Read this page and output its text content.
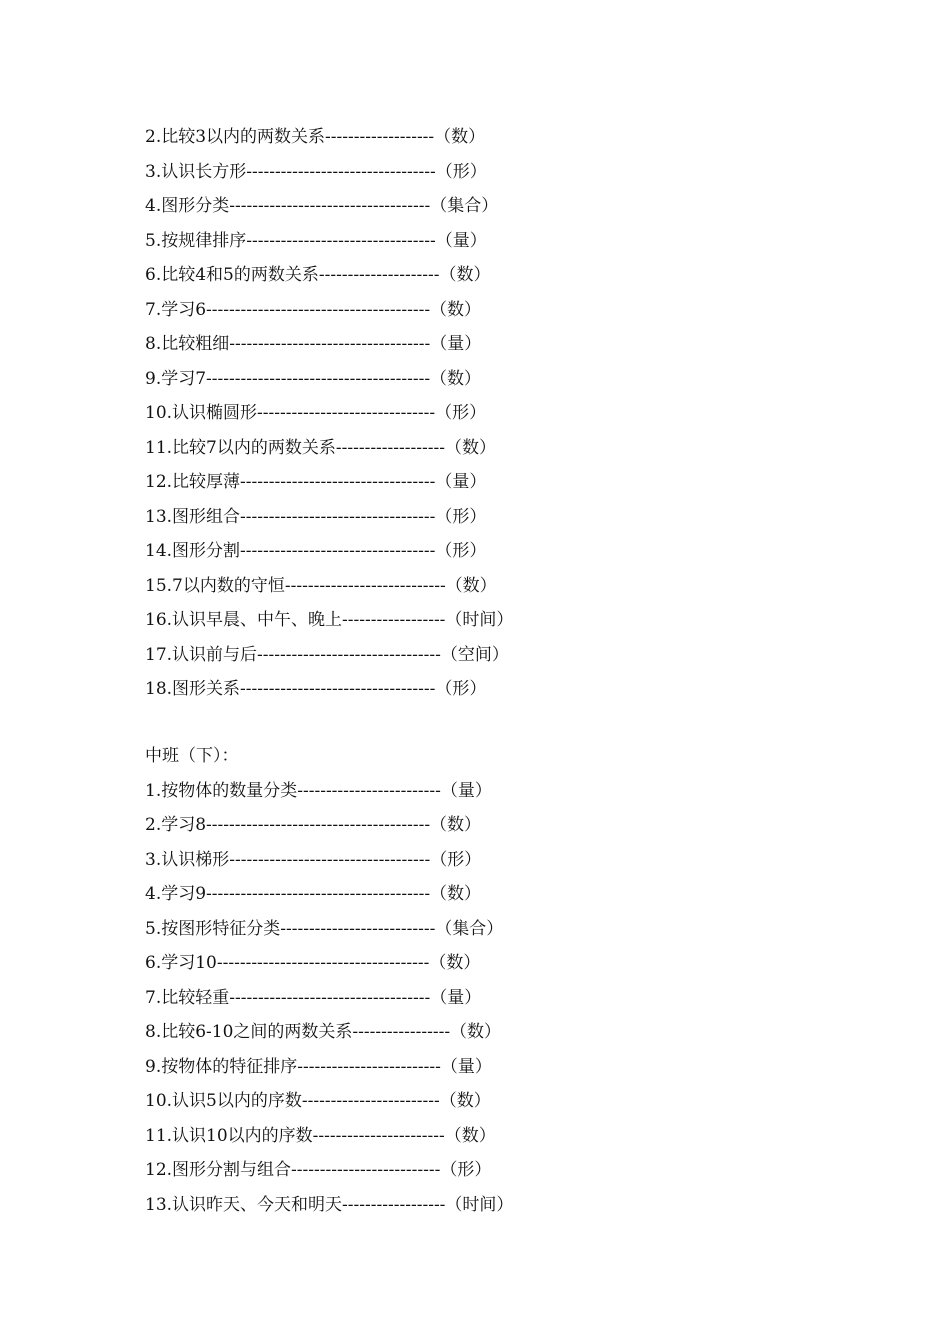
2.比较3以内的两数关系-------------------（数）
3.认识长方形---------------------------------（形）
4.图形分类-----------------------------------（集合）
5.按规律排序---------------------------------（量）
6.比较4和5的两数关系---------------------（数）
7.学习6---------------------------------------（数）
8.比较粗细-----------------------------------（量）
9.学习7---------------------------------------（数）
10.认识椭圆形-------------------------------（形）
11.比较7以内的两数关系-------------------（数）
12.比较厚薄----------------------------------（量）
13.图形组合----------------------------------（形）
14.图形分割----------------------------------（形）
15.7以内数的守恒----------------------------（数）
16.认识早晨、中午、晚上------------------（时间）
17.认识前与后--------------------------------（空间）
18.图形关系----------------------------------（形）
中班（下）：
1.按物体的数量分类-------------------------（量）
2.学习8---------------------------------------（数）
3.认识梯形-----------------------------------（形）
4.学习9---------------------------------------（数）
5.按图形特征分类---------------------------（集合）
6.学习10-------------------------------------（数）
7.比较轻重-----------------------------------（量）
8.比较6-10之间的两数关系-----------------（数）
9.按物体的特征排序-------------------------（量）
10.认识5以内的序数------------------------（数）
11.认识10以内的序数-----------------------（数）
12.图形分割与组合--------------------------（形）
13.认识昨天、今天和明天------------------（时间）
